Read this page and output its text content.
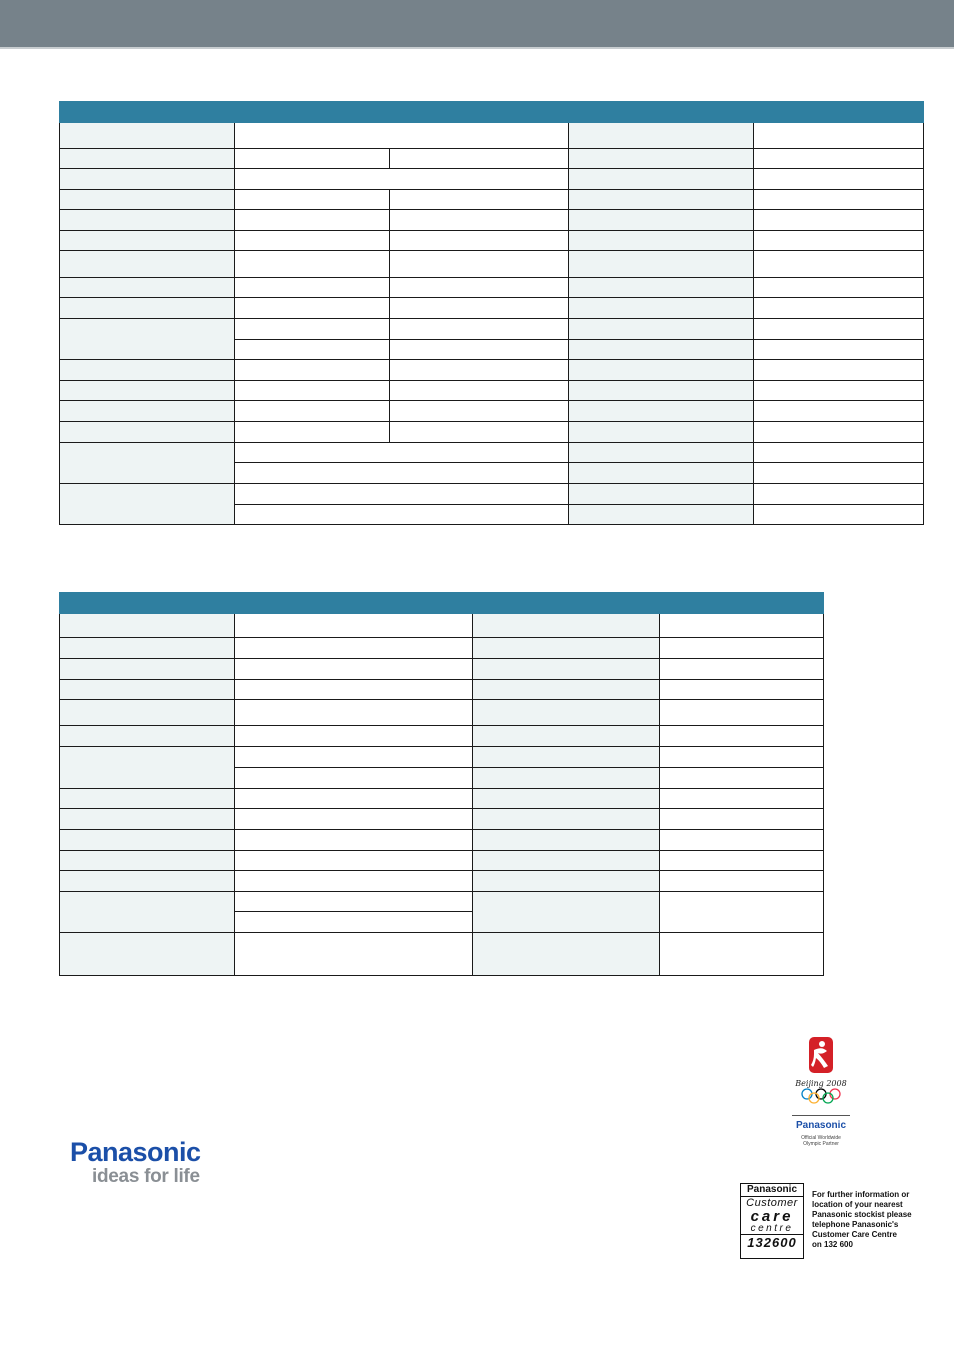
Beijing 2008
Panasonic
Official Worldwide
Olympic Partner
Panasonic
ideas for life
Panasonic
Customer
care
centre
132600
For further information or
location of your nearest
Panasonic stockist please
telephone Panasonic's
Customer Care Centre
on 132 600
